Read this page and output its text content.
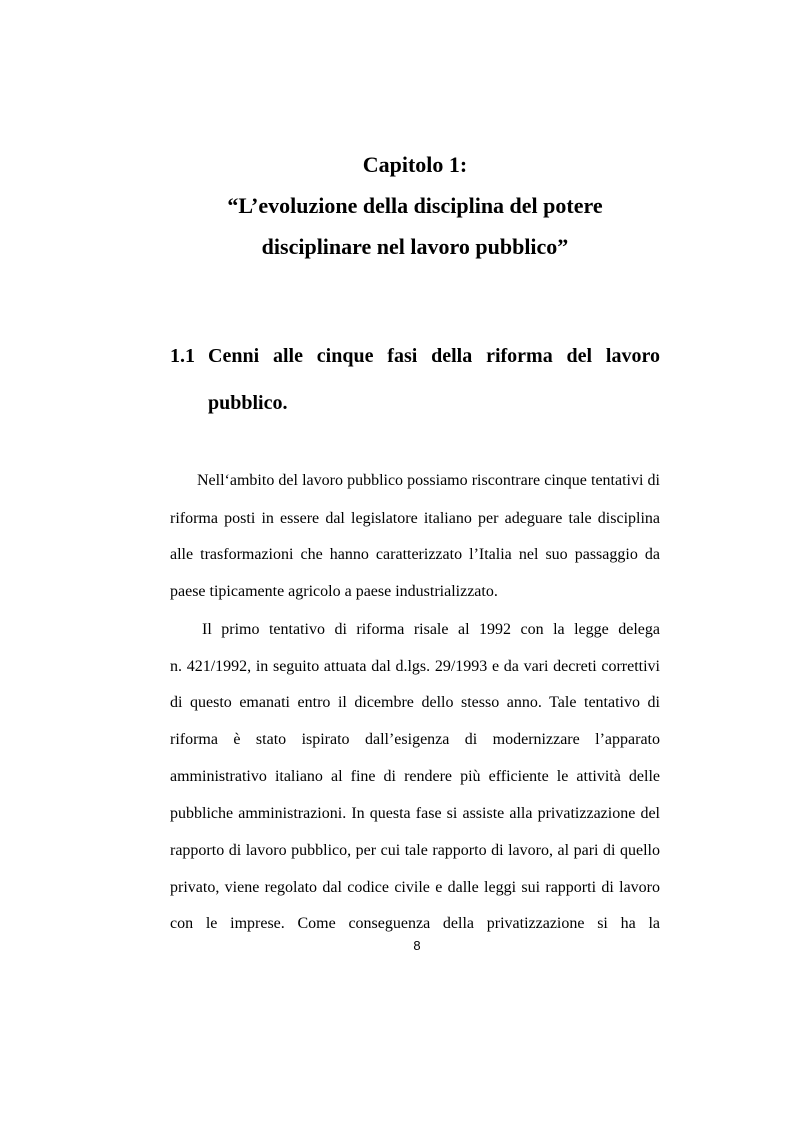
Capitolo 1:
“L’evoluzione della disciplina del potere
disciplinare nel lavoro pubblico”
1.1 Cenni alle cinque fasi della riforma del lavoro
pubblico.
Nell‘ambito del lavoro pubblico possiamo riscontrare cinque tentativi di
riforma posti in essere dal legislatore italiano per adeguare tale disciplina
alle trasformazioni che hanno caratterizzato l’Italia nel suo passaggio da
paese tipicamente agricolo a paese industrializzato.
Il primo tentativo di riforma risale al 1992 con la legge delega
n. 421/1992, in seguito attuata dal d.lgs. 29/1993 e da vari decreti correttivi
di questo emanati entro il dicembre dello stesso anno. Tale tentativo di
riforma è stato ispirato dall’esigenza di modernizzare l’apparato
amministrativo italiano al fine di rendere più efficiente le attività delle
pubbliche amministrazioni. In questa fase si assiste alla privatizzazione del
rapporto di lavoro pubblico, per cui tale rapporto di lavoro, al pari di quello
privato, viene regolato dal codice civile e dalle leggi sui rapporti di lavoro
con le imprese. Come conseguenza della privatizzazione si ha la
8
